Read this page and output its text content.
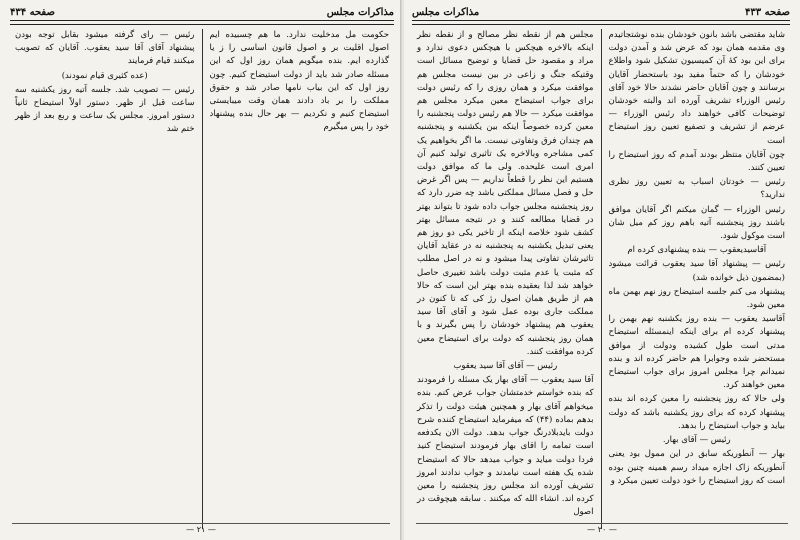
مذاکرات مجلس
صفحه ۴۳۴

حکومت مل مدخلیت ندارد. ما هم چسبیده ایم اصول اقلیت بر و اصول قانون اساسی را ز یا گذارده ایم. بنده میگویم همان روز اول که این مسئله صادر شد باید از دولت استیضاح کنیم. چون روز اول که این بیاب نامها صادر شد و حقوق مملکت را بر باد دادند همان وقت میبایستی استیضاح کنیم و نکردیم — بهر حال بنده پیشنهاد خود را پس میگیرم

رئیس — رای گرفته میشود بقابل توجه بودن پیشنهاد آقای آقا سید یعقوب. آقایان که تصویب میکنند قیام فرمایند

(عده کثیری قیام نمودند)

رئیس — تصویب شد. جلسه آتیه روز یکشنبه سه ساعت قبل از ظهر. دستور اولاً استیضاح ثانیاً دستور امروز. مجلس یک ساعت و ربع بعد از ظهر ختم شد

— ۲۱ —
صفحه ۴۳۳
مذاکرات مجلس

شاید مقتضی باشد بانون خودشان بنده نوشتجاتیدم وی مقدمه همان بود که عرض شد و آمدن دولت برای این بود کهٔ آن کمیسیون تشکیل شود واطلاع خودشان را که حتماً مفید بود باستحضار آقایان برسانند و چون آقایان حاضر نشدند حالا خود آقای رئیس الوزراء تشریف آورده اند والبته خودشان توضیحات کافی خواهند داد رئیس الوزراء — عرضم از تشریف و تصفیع تعیین روز استیضاح است

چون آقایان منتظر بودند آمدم که روز استیضاح را تعیین کنند.

رئیس — خودتان اسباب به تعیین روز نظری ندارید؟

رئیس الوزراء — گمان میکنم اگر آقایان موافق باشند روز پنجشنبه آتیه باهم روز کم میل شان است موکول شود.

آقاسیدیعقوب — بنده پیشنهادی کرده ام

رئیس — پیشنهاد آقا سید یعقوب قرائت میشود (بمضمون ذیل خوانده شد)

پیشنهاد می کنم جلسه استیضاح روز نهم بهمن ماه معین شود.

آقاسید یعقوب — بنده روز یکشنبه نهم بهمن را پیشنهاد کرده ام برای اینکه اینمسئله استیضاح مدتی است طول کشیده ودولت از موافق مستحضر شده وجوابرا هم حاضر کرده اند و بنده نمیدانم چرا مجلس امروز برای جواب استیضاح معین خواهند کرد.

ولی حالا که روز پنجشنبه را معین کرده اند بنده پیشنهاد کرده که برای روز یکشنبه باشد که دولت بیاید و جواب استیضاح را بدهد.

رئیس — آقای بهار.

بهار — آنطوریکه سابق در این ممول بود یعنی آنطوریکه زاک اجازه میداد رسم همینه چنین بوده است که روز استیضاح را خود دولت تعیین میکرد و

مجلس هم از نقطه نظر مصالح و از نقطه نظر اینکه بالاخره هیچکس با هیچکس دعوی ندارد و مراد و مقصود حل قضایا و توضیح مسائل است وقتیکه جنگ و زاعی در بین نیست مجلس هم موافقت میکرد و همان روزی را که رئیس دولت برای جواب استیضاح معین میکرد مجلس هم موافقت میکرد — حالا هم رئیس دولت پنجشنبه را معین کرده خصوصاً اینکه بین یکشنبه و پنجشنبه هم چندان فرق وتفاوتی نیست. ما اگر بخواهیم یک کمی مشاجره وبالاخره یک تاثیری تولید کنیم آن امری است علیحده. ولی ما که موافق دولت هستیم این نظر را قطعاً نداریم — پس اگر غرض حل و فصل مسائل مملکتی باشد چه ضرر دارد که روز پنجشنبه مجلس جواب داده شود تا بتواند بهتر در قضایا مطالعه کنند و در نتیجه مسائل بهتر کشف شود خلاصه اینکه از تاخیر یکی دو روز هم یعنی تبدیل یکشنبه به پنجشنبه نه در عقاید آقایان تاثیرشان تفاوتی پیدا میشود و نه در اصل مطلب که مثبت یا عدم مثبت دولت باشد تغییری حاصل خواهد شد لذا بعقیده بنده بهتر این است که حالا هم از طریق همان اصول رژ کی که تا کنون در مملکت جاری بوده عمل شود و آقای آقا سید یعقوب هم پیشنهاد خودشان را پس بگیرند و با همان روز پنجشنبه که دولت برای استیضاح معین کرده موافقت کنند.

رئیس — آقای آقا سید یعقوب

آقا سید یعقوب — آقای بهار یک مسئله را فرمودند که بنده خواستم خدمتشان جواب عرض کنم. بنده میخواهم آقای بهار و همچنین هیئت دولت را تذکر بدهم بماده (۴۴) که میفرماید استیضاح کننده شرح دولت بایدبلادرنگ جواب بدهد. دولت الان یکدفعه است تمامه را اقای بهار فرمودند استیضاح کنید فردا دولت میاید و جواب میدهد حالا که استیضاح شده یک هفته است نیامدند و جواب ندادند امروز تشریف آورده اند مجلس روز پنجشنبه را معین کرده اند. انشاء الله که میکنند . سابقه هیچوقت در اصول

— ۲۰ —
